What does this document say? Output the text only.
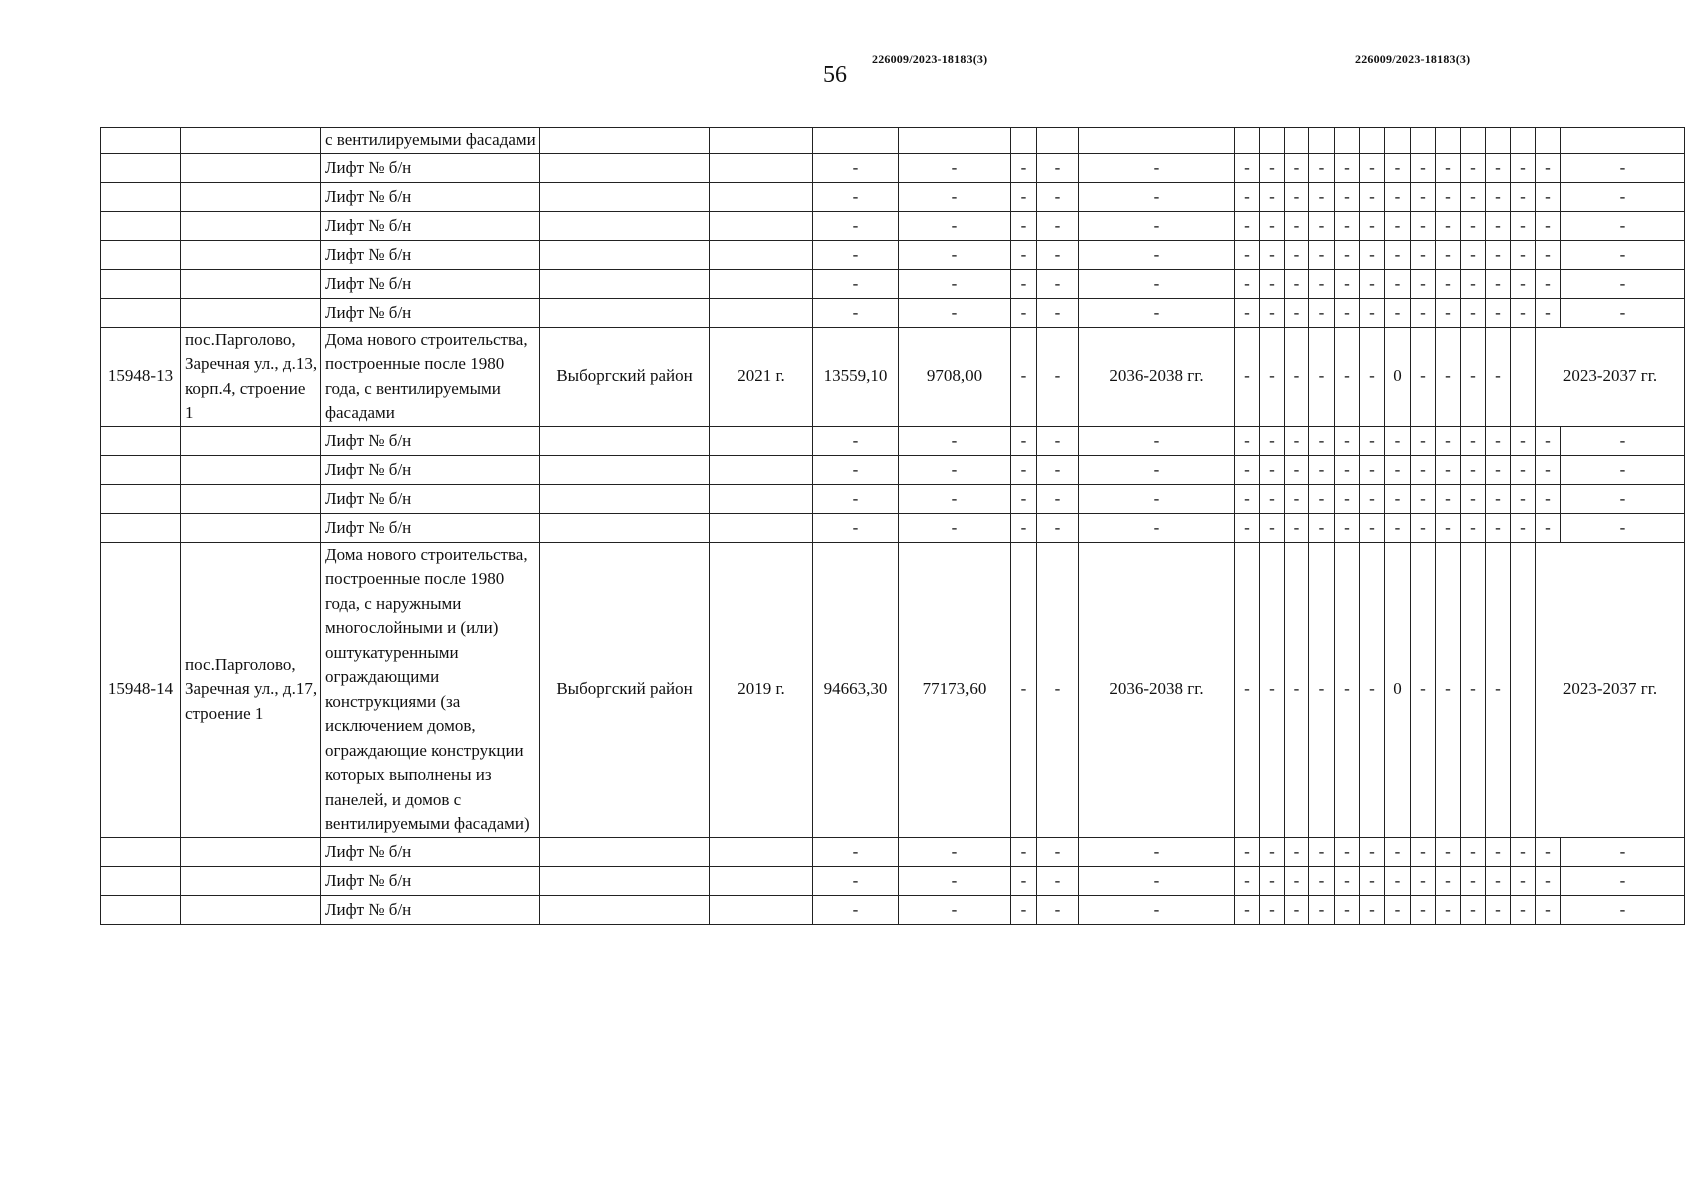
226009/2023-18183(3)
56
226009/2023-18183(3)
		с вентилируемыми фасадами																					
		Лифт № б/н			-	-	-	-	-	-	-	-	-	-	-	-	-	-	-	-	-	-	-
		Лифт № б/н			-	-	-	-	-	-	-	-	-	-	-	-	-	-	-	-	-	-	-
		Лифт № б/н			-	-	-	-	-	-	-	-	-	-	-	-	-	-	-	-	-	-	-
		Лифт № б/н			-	-	-	-	-	-	-	-	-	-	-	-	-	-	-	-	-	-	-
		Лифт № б/н			-	-	-	-	-	-	-	-	-	-	-	-	-	-	-	-	-	-	-
		Лифт № б/н			-	-	-	-	-	-	-	-	-	-	-	-	-	-	-	-	-	-	-
15948-13	пос.Парголово, Заречная ул., д.13, корп.4, строение 1	Дома нового строительства, построенные после 1980 года, с вентилируемыми фасадами	Выборгский район	2021 г.	13559,10	9708,00	-	-	2036-2038 гг.	-	-	-	-	-	-	0	-	-	-	-		2023-2037 гг.	
		Лифт № б/н			-	-	-	-	-	-	-	-	-	-	-	-	-	-	-	-	-	-	-
		Лифт № б/н			-	-	-	-	-	-	-	-	-	-	-	-	-	-	-	-	-	-	-
		Лифт № б/н			-	-	-	-	-	-	-	-	-	-	-	-	-	-	-	-	-	-	-
		Лифт № б/н			-	-	-	-	-	-	-	-	-	-	-	-	-	-	-	-	-	-	-
15948-14	пос.Парголово, Заречная ул., д.17, строение 1	Дома нового строительства, построенные после 1980 года, с наружными многослойными и (или) оштукатуренными ограждающими конструкциями (за исключением домов, ограждающие конструкции которых выполнены из панелей, и домов с вентилируемыми фасадами)	Выборгский район	2019 г.	94663,30	77173,60	-	-	2036-2038 гг.	-	-	-	-	-	-	0	-	-	-	-		2023-2037 гг.	
		Лифт № б/н			-	-	-	-	-	-	-	-	-	-	-	-	-	-	-	-	-	-	-
		Лифт № б/н			-	-	-	-	-	-	-	-	-	-	-	-	-	-	-	-	-	-	-
		Лифт № б/н			-	-	-	-	-	-	-	-	-	-	-	-	-	-	-	-	-	-	-
